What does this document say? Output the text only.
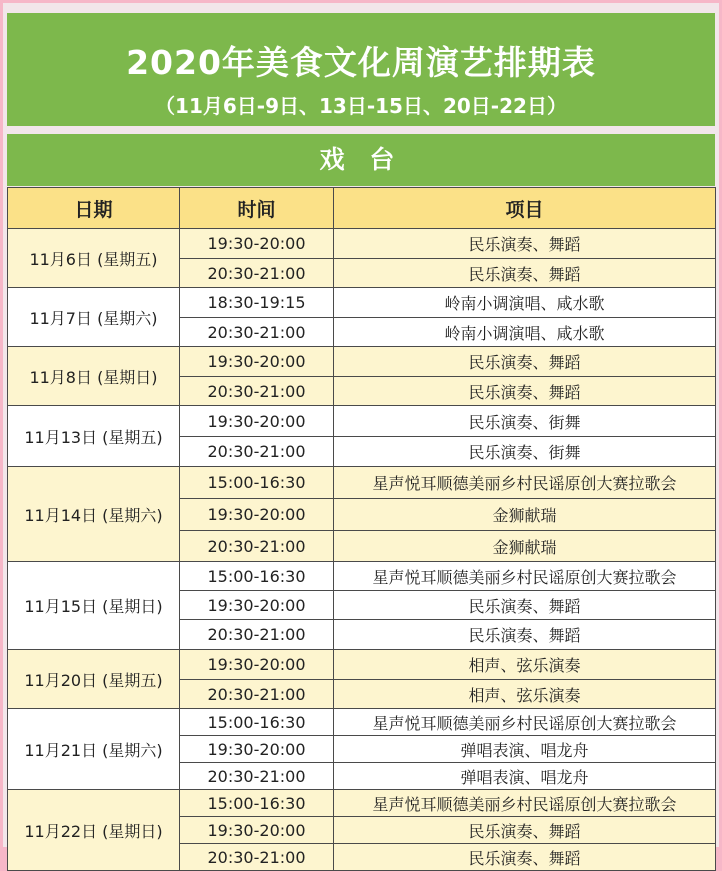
2020年美食文化周演艺排期表
（11月6日-9日、13日-15日、20日-22日）
戏 台
日期	时间	项目
11月6日 (星期五)	19:30-20:00	民乐演奏、舞蹈
	20:30-21:00	民乐演奏、舞蹈
11月7日 (星期六)	18:30-19:15	岭南小调演唱、咸水歌
	20:30-21:00	岭南小调演唱、咸水歌
11月8日 (星期日)	19:30-20:00	民乐演奏、舞蹈
	20:30-21:00	民乐演奏、舞蹈
11月13日 (星期五)	19:30-20:00	民乐演奏、街舞
	20:30-21:00	民乐演奏、街舞
11月14日 (星期六)	15:00-16:30	星声悦耳顺德美丽乡村民谣原创大赛拉歌会
	19:30-20:00	金狮献瑞
	20:30-21:00	金狮献瑞
11月15日 (星期日)	15:00-16:30	星声悦耳顺德美丽乡村民谣原创大赛拉歌会
	19:30-20:00	民乐演奏、舞蹈
	20:30-21:00	民乐演奏、舞蹈
11月20日 (星期五)	19:30-20:00	相声、弦乐演奏
	20:30-21:00	相声、弦乐演奏
11月21日 (星期六)	15:00-16:30	星声悦耳顺德美丽乡村民谣原创大赛拉歌会
	19:30-20:00	弹唱表演、唱龙舟
	20:30-21:00	弹唱表演、唱龙舟
11月22日 (星期日)	15:00-16:30	星声悦耳顺德美丽乡村民谣原创大赛拉歌会
	19:30-20:00	民乐演奏、舞蹈
	20:30-21:00	民乐演奏、舞蹈
